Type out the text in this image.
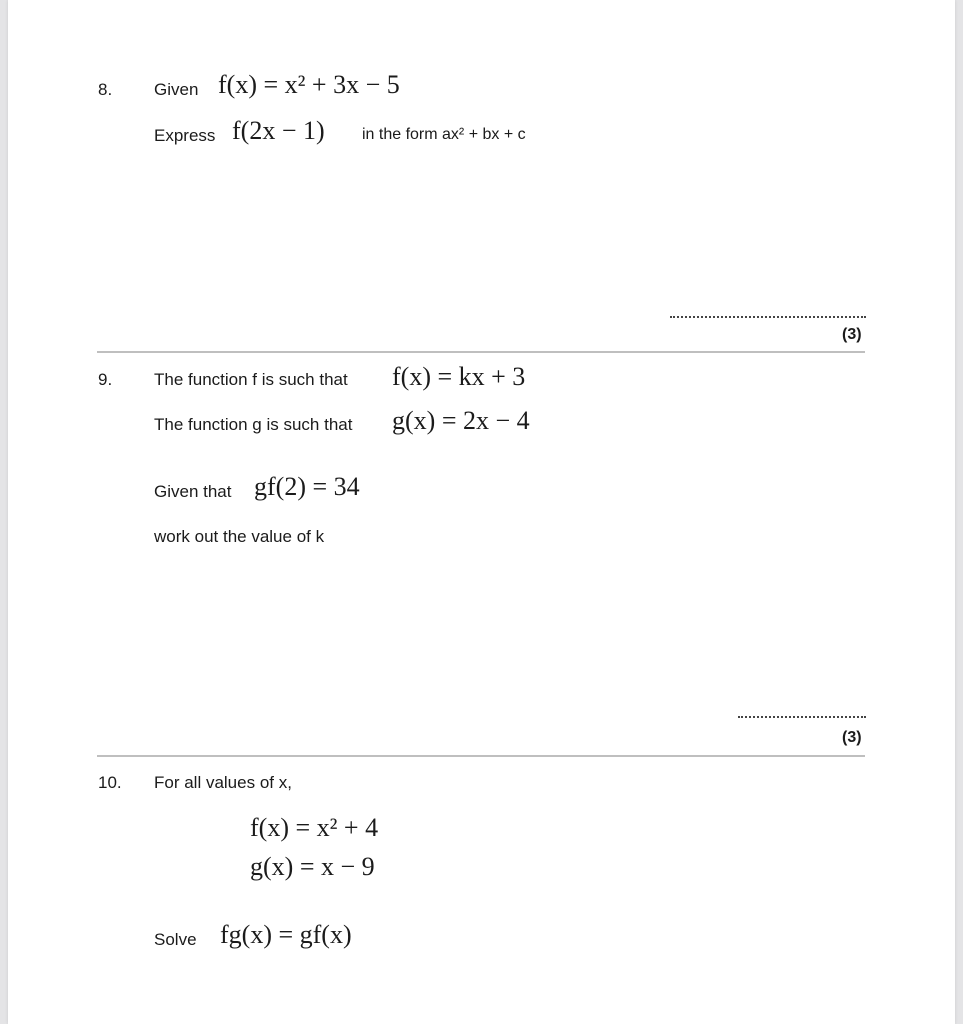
8. Given f(x) = x² + 3x − 5
Express f(2x − 1) in the form ax² + bx + c
(3)
9. The function f is such that f(x) = kx + 3
The function g is such that g(x) = 2x − 4
Given that gf(2) = 34
work out the value of k
(3)
10. For all values of x,
f(x) = x² + 4
g(x) = x − 9
Solve fg(x) = gf(x)
